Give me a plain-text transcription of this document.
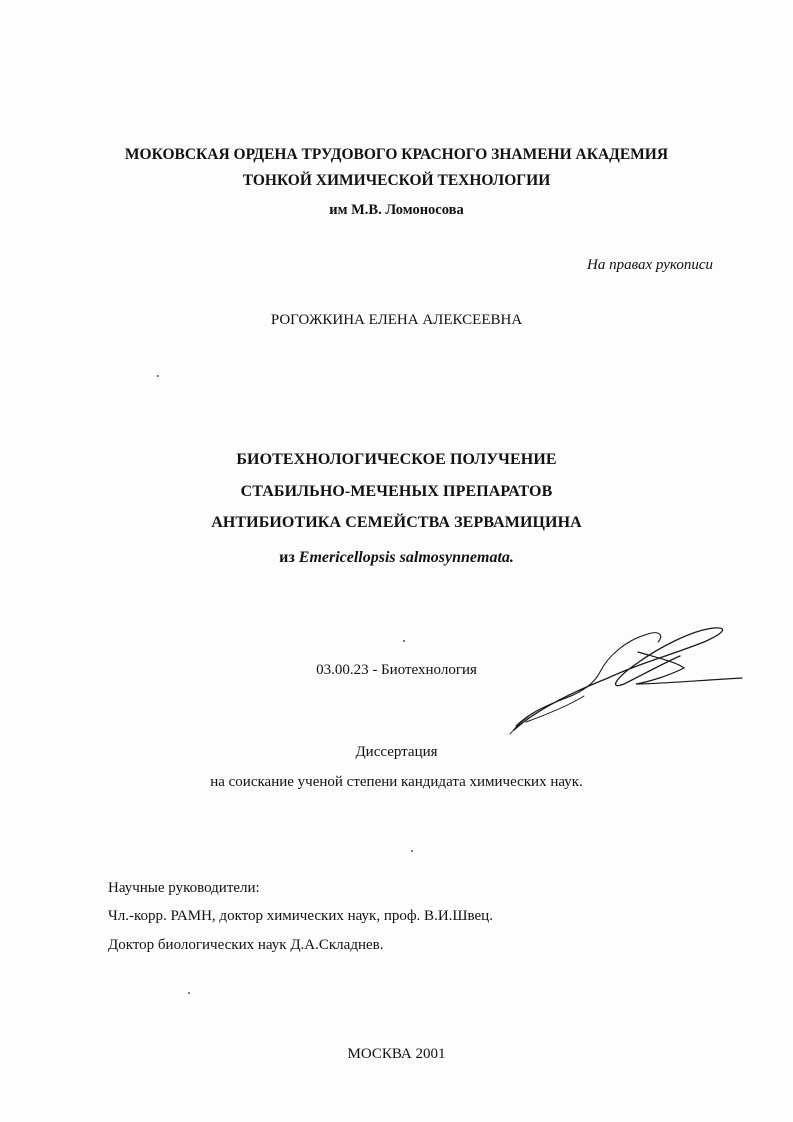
МОКОВСКАЯ ОРДЕНА ТРУДОВОГО КРАСНОГО ЗНАМЕНИ АКАДЕМИЯ
ТОНКОЙ ХИМИЧЕСКОЙ ТЕХНОЛОГИИ
им М.В. Ломоносова
На правах рукописи
РОГОЖКИНА ЕЛЕНА АЛЕКСЕЕВНА
БИОТЕХНОЛОГИЧЕСКОЕ ПОЛУЧЕНИЕ
СТАБИЛЬНО-МЕЧЕНЫХ ПРЕПАРАТОВ
АНТИБИОТИКА СЕМЕЙСТВА ЗЕРВАМИЦИНА
из Emericellopsis salmosynnemata.
03.00.23 - Биотехнология
Диссертация
на соискание ученой степени кандидата химических наук.
Научные руководители:
Чл.-корр. РАМН, доктор химических наук, проф. В.И.Швец.
Доктор биологических наук Д.А.Складнев.
МОСКВА 2001
